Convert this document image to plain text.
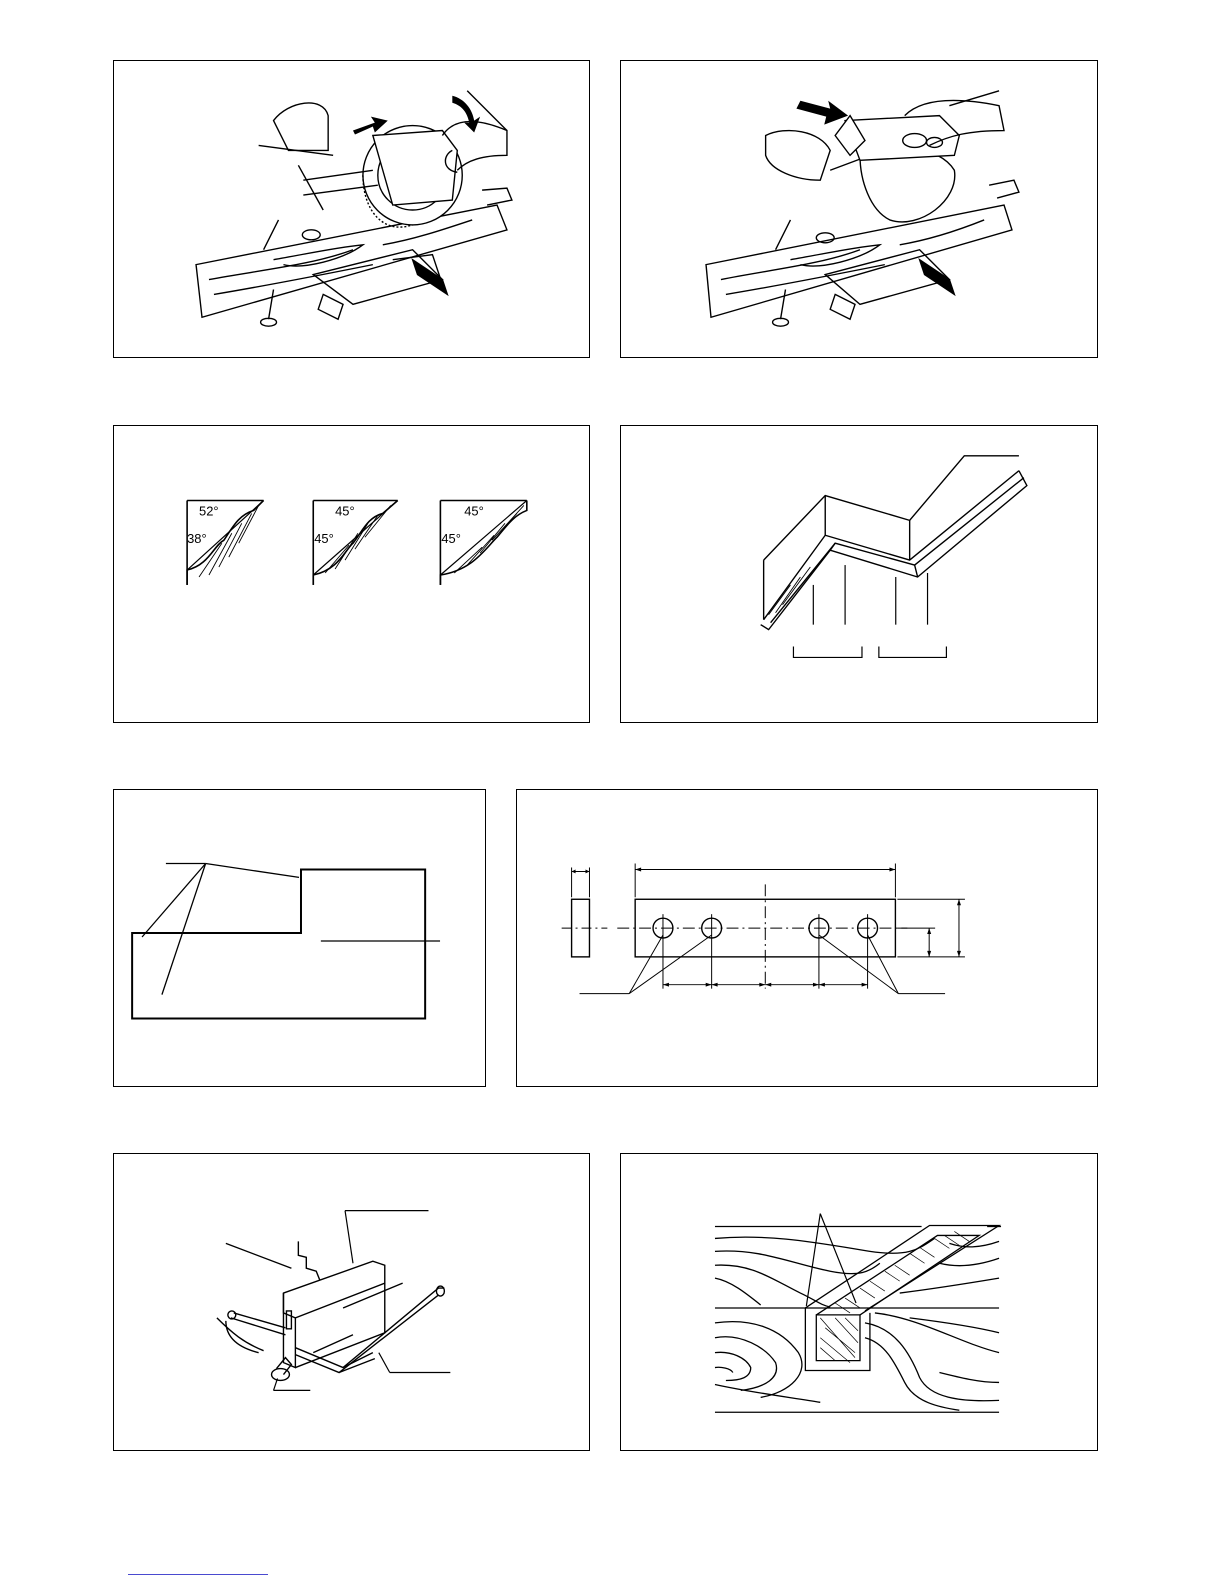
52°
38°
45°
45°
45°
45°
